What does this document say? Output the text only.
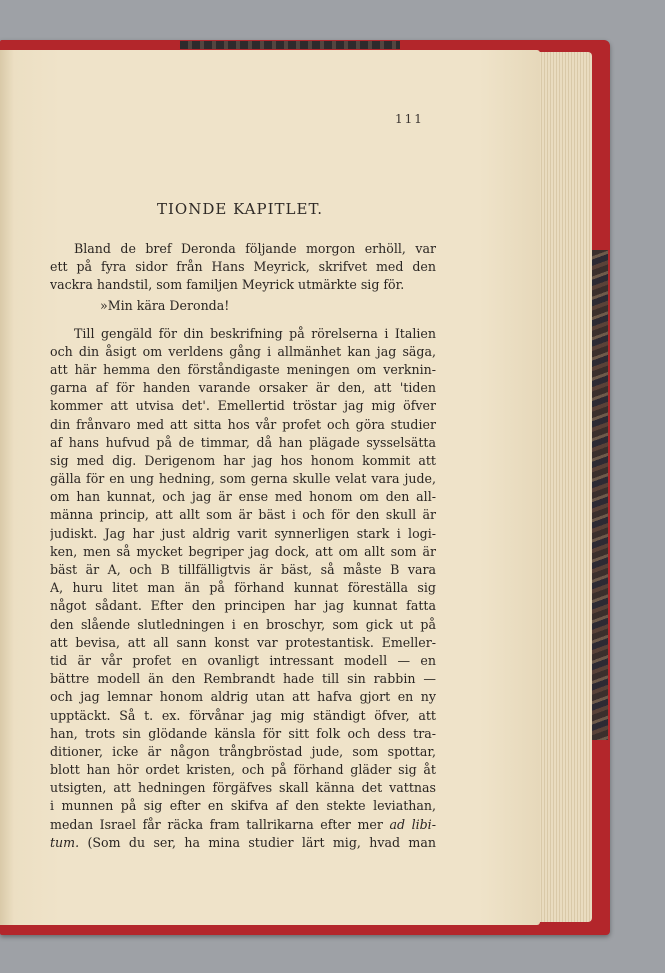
111
TIONDE KAPITLET.
Bland de bref Deronda följande morgon erhöll, var
ett på fyra sidor från Hans Meyrick, skrifvet med den
vackra handstil, som familjen Meyrick utmärkte sig för.
»Min kära Deronda!
Till gengäld för din beskrifning på rörelserna i Italien
och din åsigt om verldens gång i allmänhet kan jag säga,
att här hemma den förståndigaste meningen om verknin-
garna af för handen varande orsaker är den, att 'tiden
kommer att utvisa det'. Emellertid tröstar jag mig öfver
din frånvaro med att sitta hos vår profet och göra studier
af hans hufvud på de timmar, då han plägade sysselsätta
sig med dig. Derigenom har jag hos honom kommit att
gälla för en ung hedning, som gerna skulle velat vara jude,
om han kunnat, och jag är ense med honom om den all-
männa princip, att allt som är bäst i och för den skull är
judiskt. Jag har just aldrig varit synnerligen stark i logi-
ken, men så mycket begriper jag dock, att om allt som är
bäst är A, och B tillfälligtvis är bäst, så måste B vara
A, huru litet man än på förhand kunnat föreställa sig
något sådant. Efter den principen har jag kunnat fatta
den slående slutledningen i en broschyr, som gick ut på
att bevisa, att all sann konst var protestantisk. Emeller-
tid är vår profet en ovanligt intressant modell — en
bättre modell än den Rembrandt hade till sin rabbin —
och jag lemnar honom aldrig utan att hafva gjort en ny
upptäckt. Så t. ex. förvånar jag mig ständigt öfver, att
han, trots sin glödande känsla för sitt folk och dess tra-
ditioner, icke är någon trångbröstad jude, som spottar,
blott han hör ordet kristen, och på förhand gläder sig åt
utsigten, att hedningen förgäfves skall känna det vattnas
i munnen på sig efter en skifva af den stekte leviathan,
medan Israel får räcka fram tallrikarna efter mer ad libi-
tum. (Som du ser, ha mina studier lärt mig, hvad man
